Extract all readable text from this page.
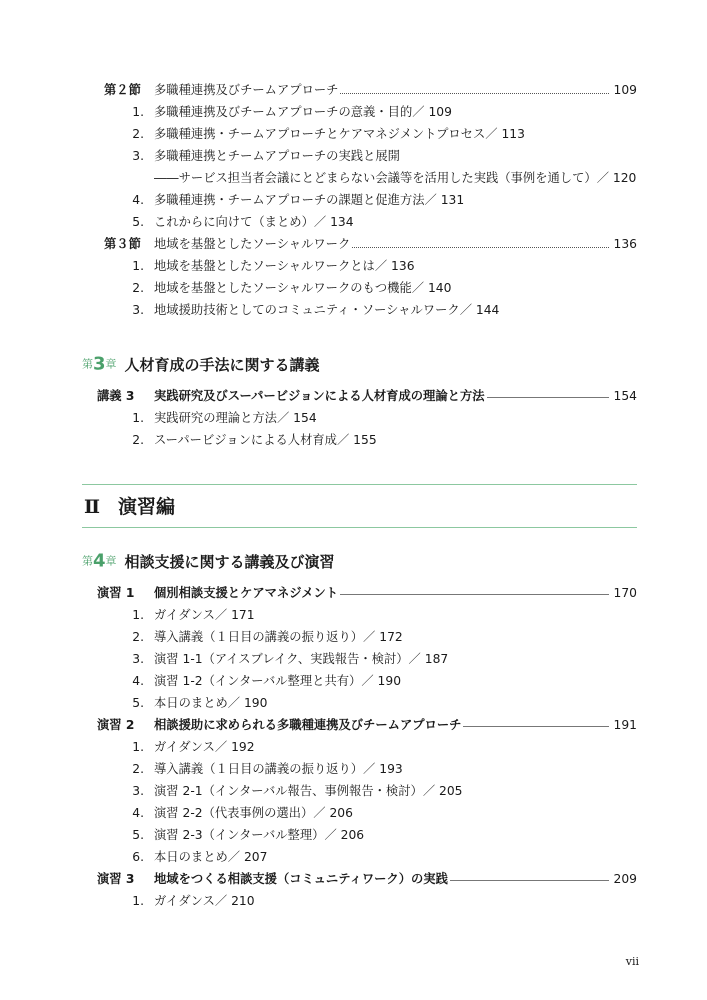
第２節 多職種連携及びチームアプローチ	109
1. 多職種連携及びチームアプローチの意義・目的／ 109
2. 多職種連携・チームアプローチとケアマネジメントプロセス／ 113
3. 多職種連携とチームアプローチの実践と展開
――サービス担当者会議にとどまらない会議等を活用した実践（事例を通して）／ 120
4. 多職種連携・チームアプローチの課題と促進方法／ 131
5. これからに向けて（まとめ）／ 134
第３節 地域を基盤としたソーシャルワーク	136
1. 地域を基盤としたソーシャルワークとは／ 136
2. 地域を基盤としたソーシャルワークのもつ機能／ 140
3. 地域援助技術としてのコミュニティ・ソーシャルワーク／ 144
第3章 人材育成の手法に関する講義
講義 3 実践研究及びスーパービジョンによる人材育成の理論と方法	154
1. 実践研究の理論と方法／ 154
2. スーパービジョンによる人材育成／ 155
Ⅱ 演習編
第4章 相談支援に関する講義及び演習
演習 1 個別相談支援とケアマネジメント	170
1. ガイダンス／ 171
2. 導入講義（１日目の講義の振り返り）／ 172
3. 演習 1-1（アイスブレイク、実践報告・検討）／ 187
4. 演習 1-2（インターバル整理と共有）／ 190
5. 本日のまとめ／ 190
演習 2 相談援助に求められる多職種連携及びチームアプローチ	191
1. ガイダンス／ 192
2. 導入講義（１日目の講義の振り返り）／ 193
3. 演習 2-1（インターバル報告、事例報告・検討）／ 205
4. 演習 2-2（代表事例の選出）／ 206
5. 演習 2-3（インターバル整理）／ 206
6. 本日のまとめ／ 207
演習 3 地域をつくる相談支援（コミュニティワーク）の実践	209
1. ガイダンス／ 210
vii
